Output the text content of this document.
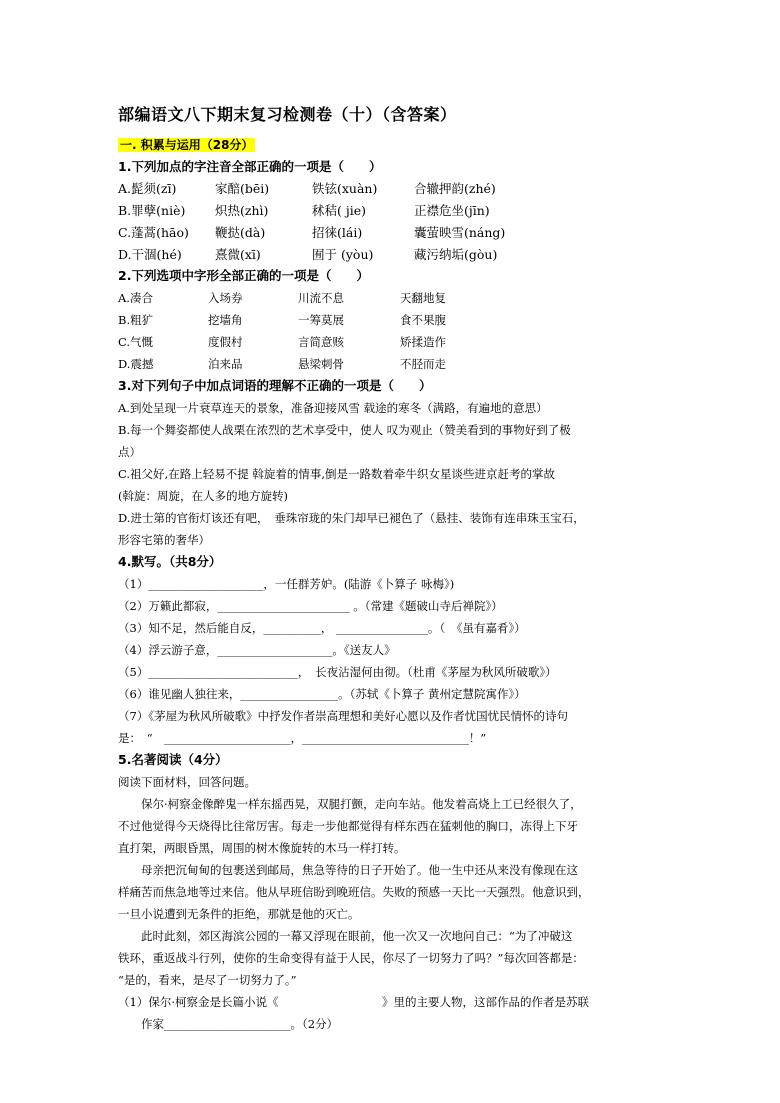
部编语文八下期末复习检测卷（十）（含答案）
一. 积累与运用（28分）
1.下列加点的字注音全部正确的一项是（　　）
A.髭须(zī)	家醅(bēi)	铁铉(xuàn)	合辙押韵(zhé)
B.罪孽(niè) 炽热(zhì)	秫秸( jie)	正襟危坐(jīn)
C.蓬蒿(hāo) 鞭挞(dà)	招徕(lái)	囊萤映雪(náng)
D.干涸(hé)	熹微(xī)	囿于 (yòu)	藏污纳垢(gòu)
2.下列选项中字形全部正确的一项是（　　）
A.凑合	入场券	川流不息	天翻地复
B.粗犷	挖墙角	一筹莫展	食不果腹
C.气慨	度假村	言简意赅	矫揉造作
D.震撼	泊来品	悬梁刺骨	不胫而走
3.对下列句子中加点词语的理解不正确的一项是（　　）
A.到处呈现一片衰草连天的景象，准备迎接风雪 载途的寒冬（满路，有遍地的意思）
B.每一个舞姿都使人战栗在浓烈的艺术享受中，使人 叹为观止（赞美看到的事物好到了极
点）
C.祖父好,在路上轻易不提 斡旋着的情事,倒是一路数着牵牛织女星谈些进京赶考的掌故
(斡旋：周旋，在人多的地方旋转)
D.进士第的官衔灯该还有吧，　垂珠帘珑的朱门却早已褪色了（悬挂、装饰有连串珠玉宝石，
形容宅第的奢华）
4.默写。（共8分）
（1）____________________，一任群芳妒。(陆游《卜算子 咏梅》)
（2）万籁此都寂，_______________________ 。（常建《题破山寺后禅院》）
（3）知不足，然后能自反，__________， ________________。（　《虽有嘉肴》）
（4）浮云游子意，____________________。《送友人》
（5）__________________________，　长夜沾湿何由彻。（杜甫《茅屋为秋风所破歌》）
（6）谁见幽人独往来，_________________。（苏轼《卜算子 黄州定慧院寓作》）
（7）《茅屋为秋风所破歌》中抒发作者崇高理想和美好心愿以及作者忧国忧民情怀的诗句
是：　“　______________________，_____________________________！”
5.名著阅读（4分）
阅读下面材料，回答问题。
　　保尔·柯察金像醉鬼一样东摇西晃，双腿打颤，走向车站。他发着高烧上工已经很久了，
不过他觉得今天烧得比往常厉害。每走一步他都觉得有样东西在猛刺他的胸口，冻得上下牙
直打架，两眼昏黑，周围的树木像旋转的木马一样打转。
　　母亲把沉甸甸的包裹送到邮局，焦急等待的日子开始了。他一生中还从来没有像现在这
样痛苦而焦急地等过来信。他从早班信盼到晚班信。失败的预感一天比一天强烈。他意识到，
一旦小说遭到无条件的拒绝，那就是他的灭亡。
　　此时此刻，郊区海滨公园的一幕又浮现在眼前，他一次又一次地问自己：“为了冲破这
铁环，重返战斗行列，使你的生命变得有益于人民，你尽了一切努力了吗？”每次回答都是：
“是的，看来，是尽了一切努力了。”
（1）保尔·柯察金是长篇小说《　　　　　　　　　》里的主要人物，这部作品的作者是苏联
　　作家______________________。（2分）
